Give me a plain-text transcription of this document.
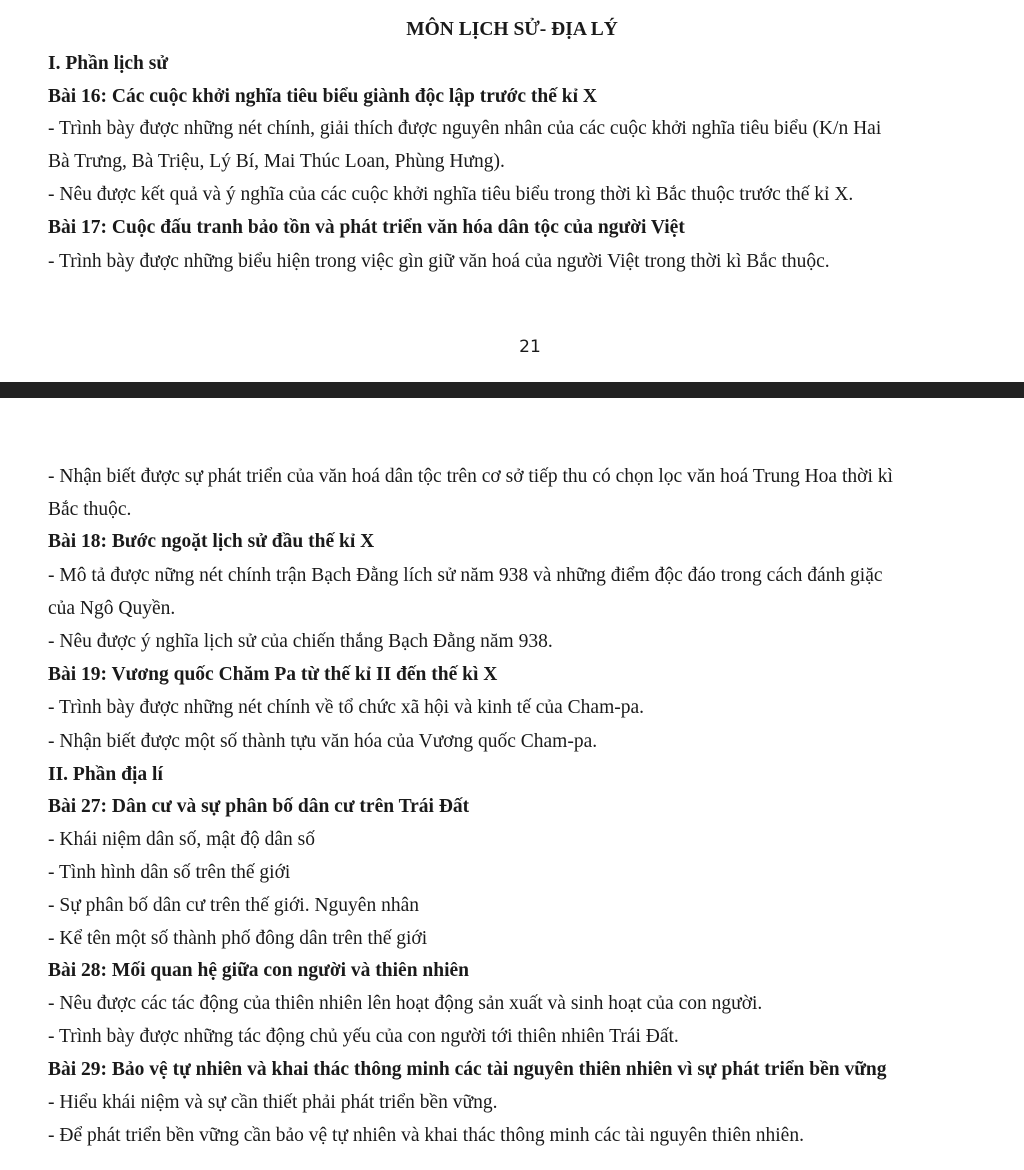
MÔN LỊCH SỬ- ĐỊA LÝ
I. Phần lịch sử
Bài 16: Các cuộc khởi nghĩa tiêu biểu giành độc lập trước thế kỉ X
- Trình bày được những nét chính, giải thích được nguyên nhân của các cuộc khởi nghĩa tiêu biểu (K/n Hai
Bà Trưng, Bà Triệu, Lý Bí, Mai Thúc Loan, Phùng Hưng).
- Nêu được kết quả và ý nghĩa của các cuộc khởi nghĩa tiêu biểu trong thời kì Bắc thuộc trước thế kỉ X.
Bài 17: Cuộc đấu tranh bảo tồn và phát triển văn hóa dân tộc của người Việt
- Trình bày được những biểu hiện trong việc gìn giữ văn hoá của người Việt trong thời kì Bắc thuộc.
21
- Nhận biết được sự phát triển của văn hoá dân tộc trên cơ sở tiếp thu có chọn lọc văn hoá Trung Hoa thời kì
Bắc thuộc.
Bài 18: Bước ngoặt lịch sử đầu thế kỉ X
- Mô tả được nững nét chính trận Bạch Đằng lích sử năm 938 và những điểm độc đáo trong cách đánh giặc
của Ngô Quyền.
- Nêu được ý nghĩa lịch sử của chiến thắng Bạch Đằng năm 938.
Bài 19: Vương quốc Chăm Pa từ thế kỉ II đến thế kì X
- Trình bày được những nét chính về tổ chức xã hội và kinh tế của Cham-pa.
- Nhận biết được một số thành tựu văn hóa của Vương quốc Cham-pa.
II. Phần địa lí
Bài 27: Dân cư và sự phân bố dân cư trên Trái Đất
- Khái niệm dân số, mật độ dân số
- Tình hình dân số trên thế giới
- Sự phân bố dân cư trên thế giới. Nguyên nhân
- Kể tên một số thành phố đông dân trên thế giới
Bài 28: Mối quan hệ giữa con người và thiên nhiên
- Nêu được các tác động của thiên nhiên lên hoạt động sản xuất và sinh hoạt của con người.
- Trình bày được những tác động chủ yếu của con người tới thiên nhiên Trái Đất.
Bài 29: Bảo vệ tự nhiên và khai thác thông minh các tài nguyên thiên nhiên vì sự phát triển bền vững
- Hiểu khái niệm và sự cần thiết phải phát triển bền vững.
- Để phát triển bền vững cần bảo vệ tự nhiên và khai thác thông minh các tài nguyên thiên nhiên.
